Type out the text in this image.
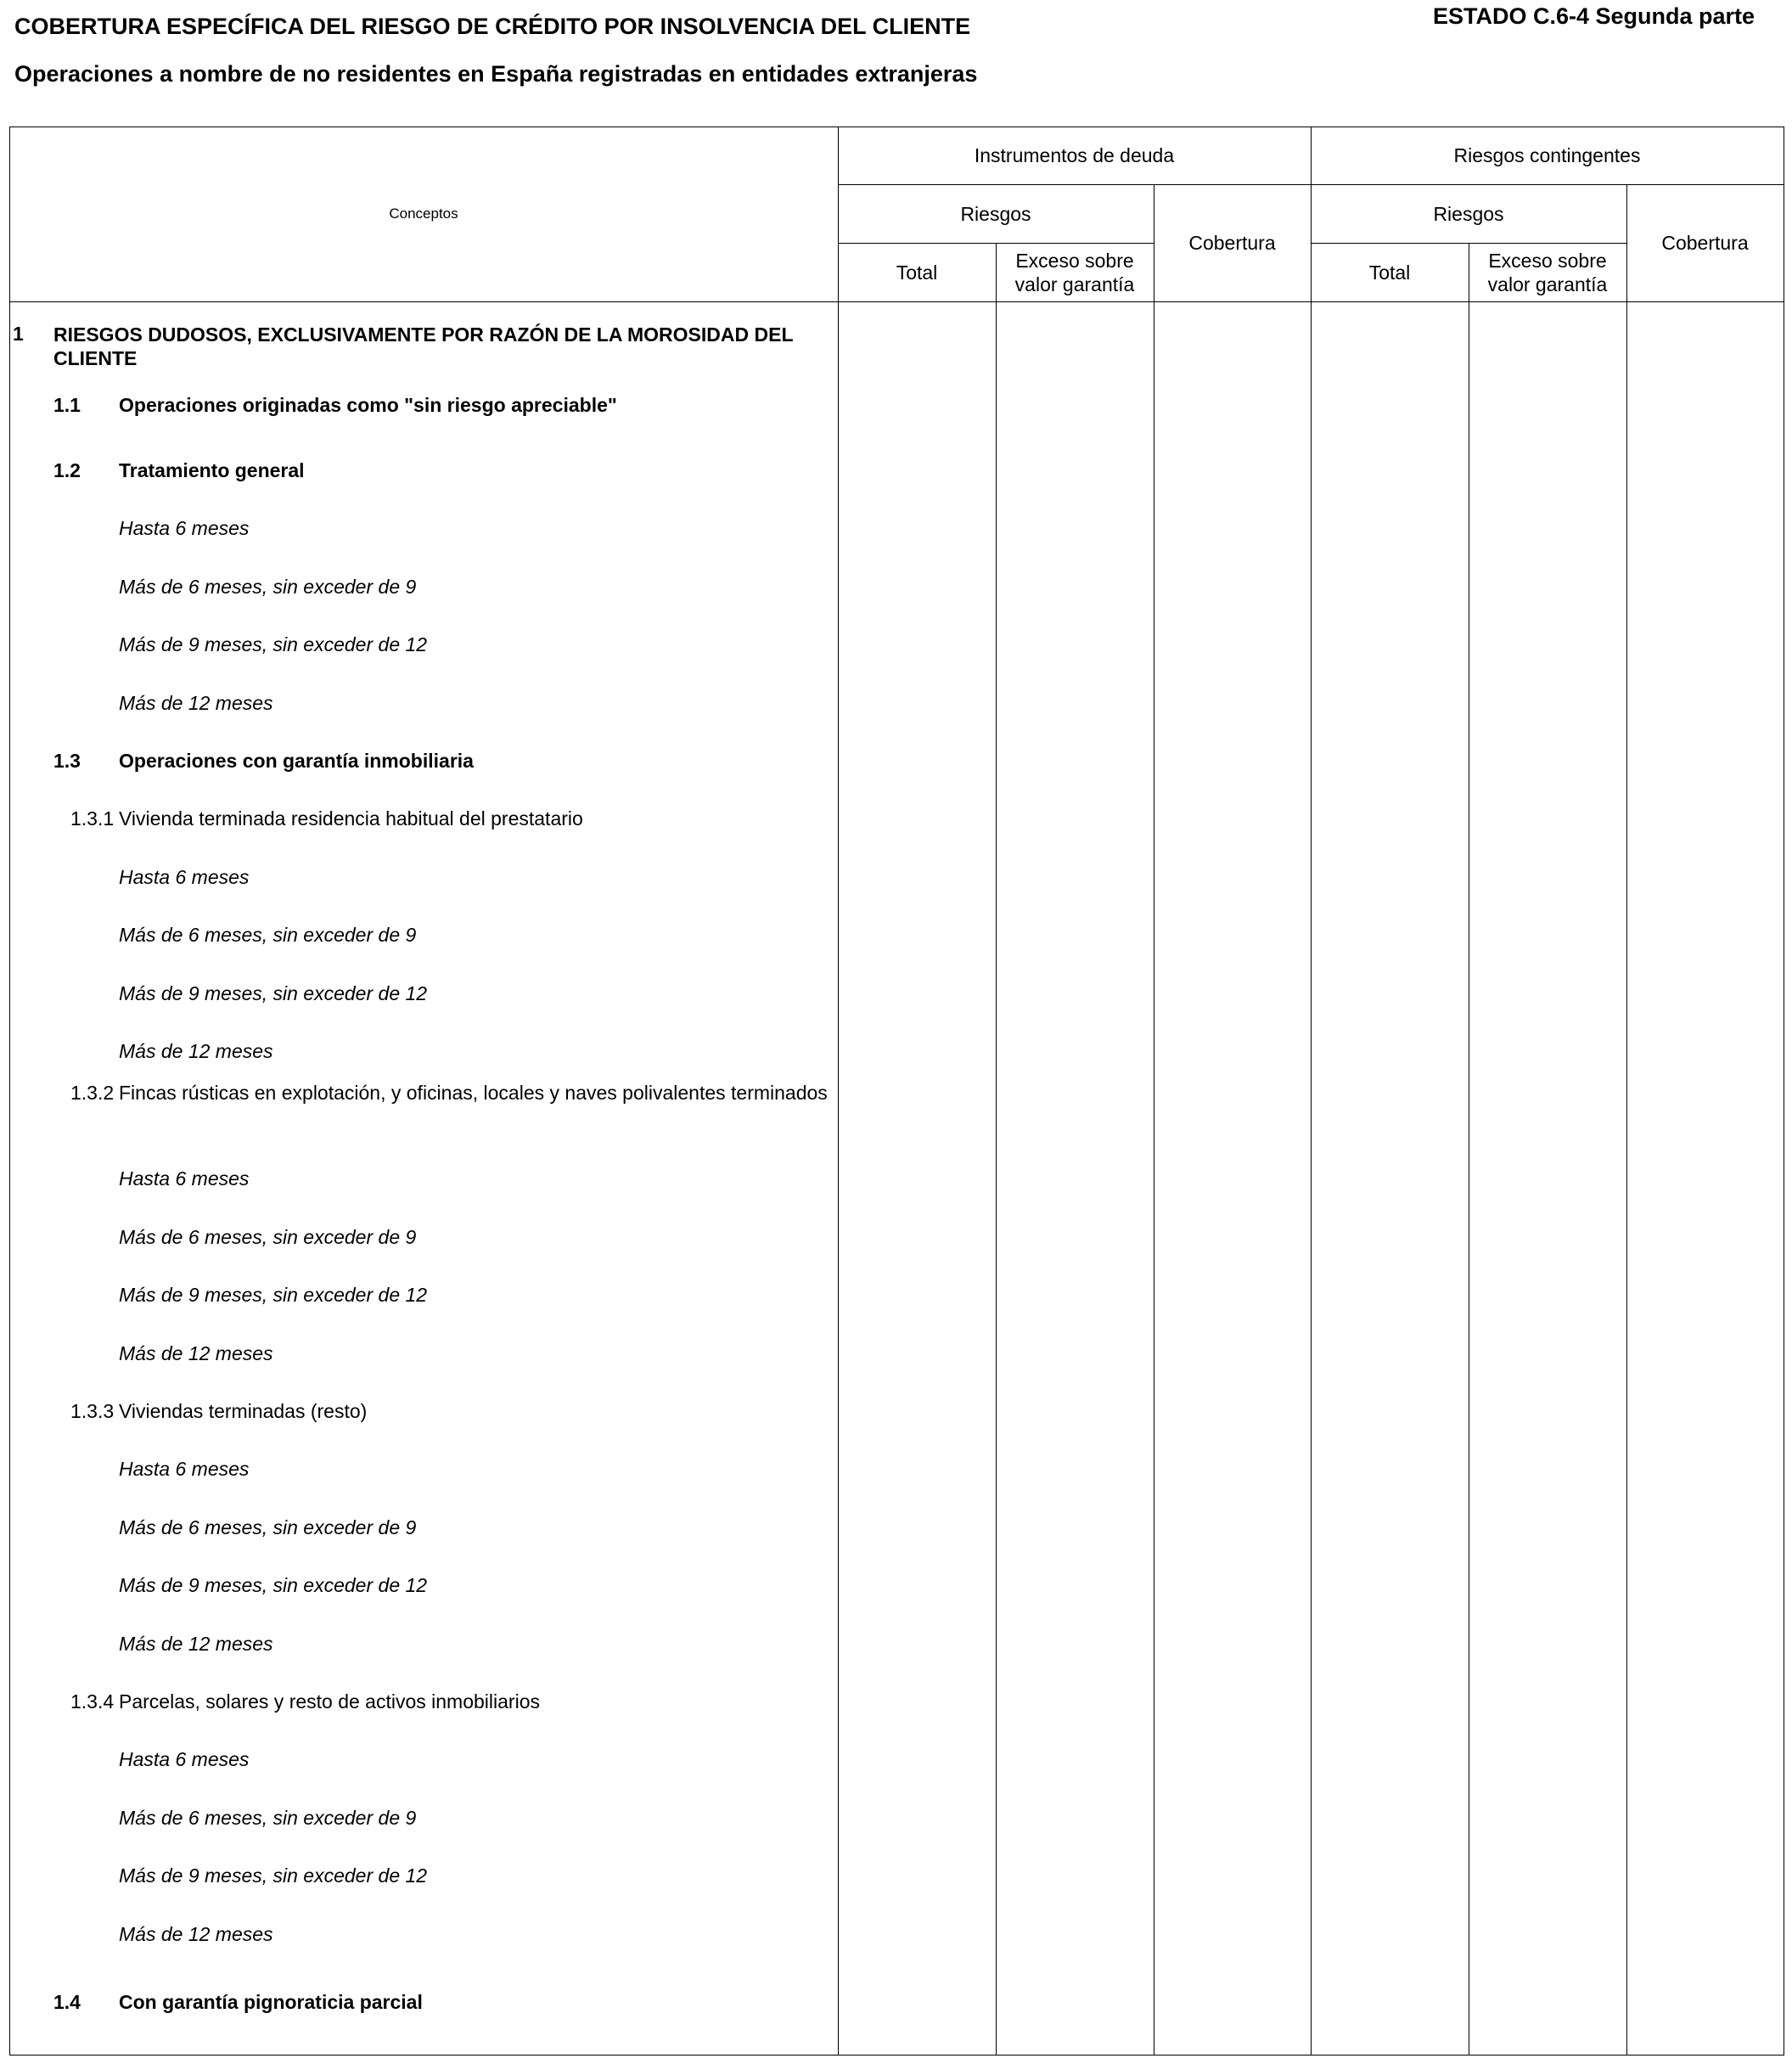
COBERTURA ESPECÍFICA DEL RIESGO DE CRÉDITO POR INSOLVENCIA DEL CLIENTE	ESTADO C.6-4 Segunda parte
Operaciones a nombre de no residentes en España registradas en entidades extranjeras
Conceptos
Instrumentos de deuda	Riesgos contingentes
Riesgos
Cobertura
Riesgos
Cobertura
Total
Exceso sobre valor garantía
Total
Exceso sobre valor garantía
1 RIESGOS DUDOSOS, EXCLUSIVAMENTE POR RAZÓN DE LA MOROSIDAD DEL CLIENTE
1.1 Operaciones originadas como "sin riesgo apreciable"
1.2 Tratamiento general
Hasta 6 meses
Más de 6 meses, sin exceder de 9
Más de 9 meses, sin exceder de 12
Más de 12 meses
1.3 Operaciones con garantía inmobiliaria
1.3.1 Vivienda terminada residencia habitual del prestatario
Hasta 6 meses
Más de 6 meses, sin exceder de 9
Más de 9 meses, sin exceder de 12
Más de 12 meses
1.3.2 Fincas rústicas en explotación, y oficinas, locales y naves polivalentes terminados
Hasta 6 meses
Más de 6 meses, sin exceder de 9
Más de 9 meses, sin exceder de 12
Más de 12 meses
1.3.3 Viviendas terminadas (resto)
Hasta 6 meses
Más de 6 meses, sin exceder de 9
Más de 9 meses, sin exceder de 12
Más de 12 meses
1.3.4 Parcelas, solares y resto de activos inmobiliarios
Hasta 6 meses
Más de 6 meses, sin exceder de 9
Más de 9 meses, sin exceder de 12
Más de 12 meses
1.4 Con garantía pignoraticia parcial
